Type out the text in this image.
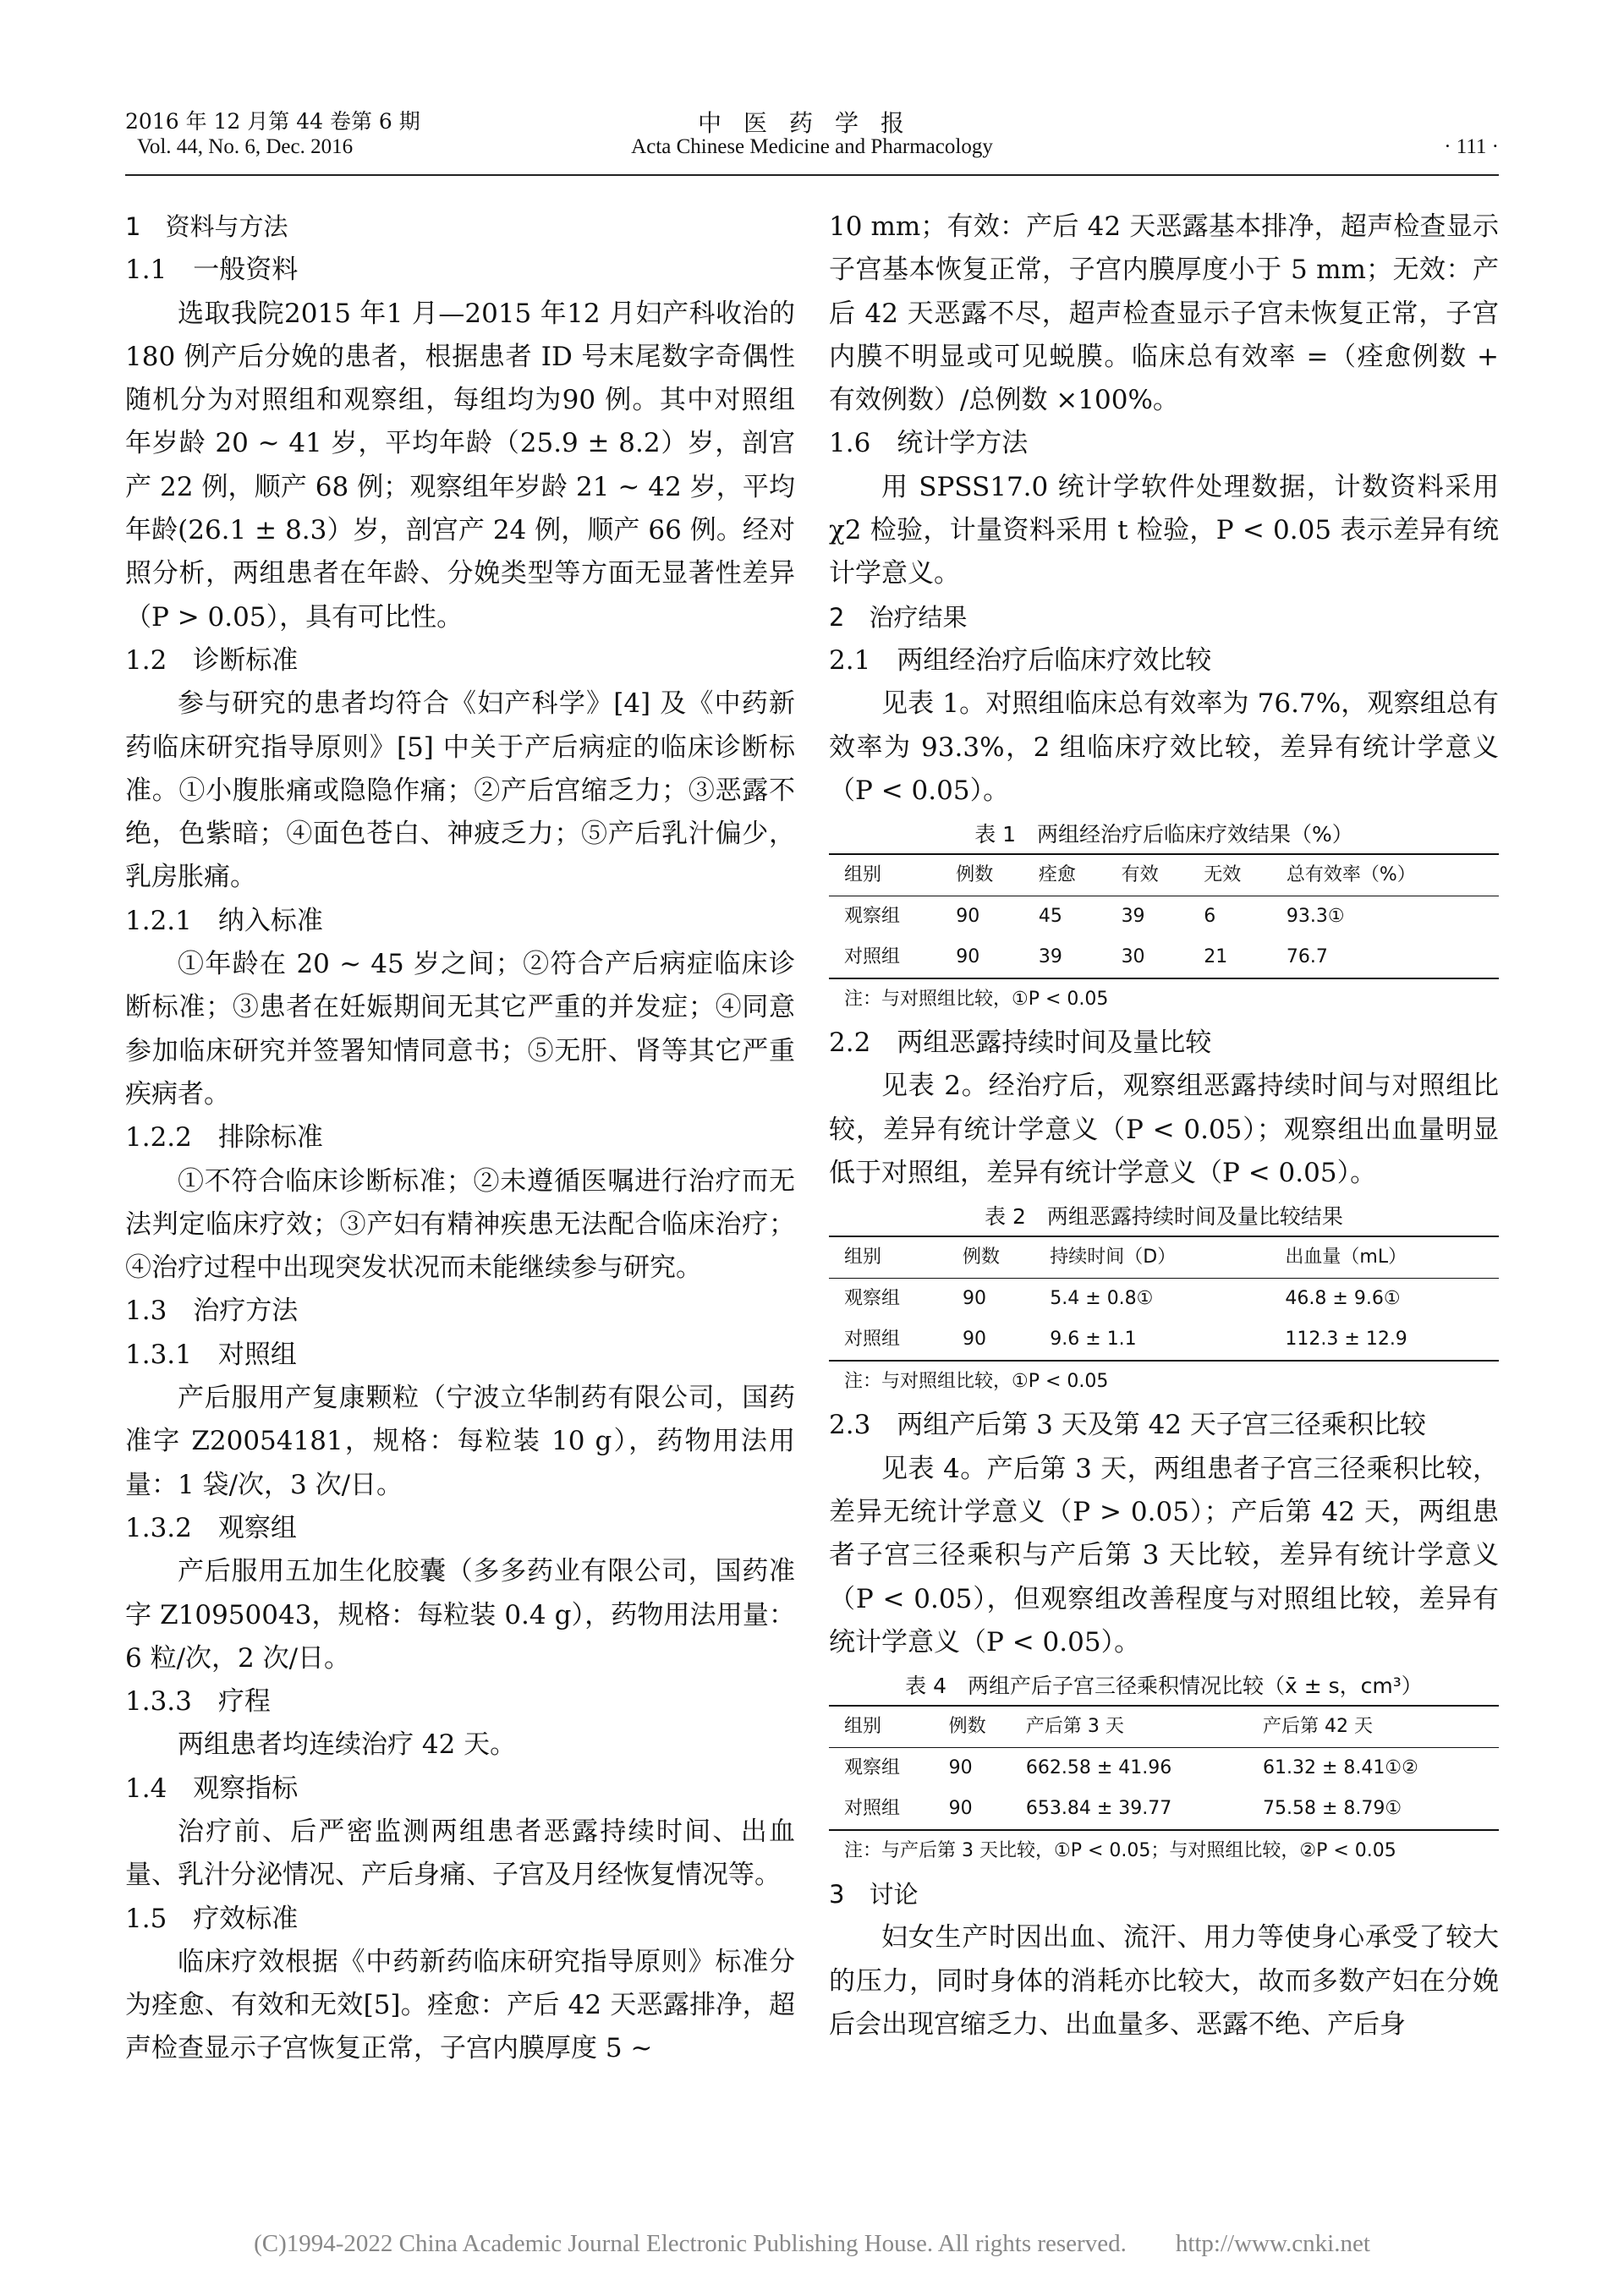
2016 年 12 月第 44 卷第 6 期
Vol. 44, No. 6, Dec. 2016
中医药学报
Acta Chinese Medicine and Pharmacology	· 111 ·
1　资料与方法
1.1　一般资料

选取我院2015 年1 月—2015 年12 月妇产科收治的 180 例产后分娩的患者，根据患者 ID 号末尾数字奇偶性随机分为对照组和观察组，每组均为90 例。其中对照组年岁龄 20 ~ 41 岁，平均年龄（25.9 ± 8.2）岁，剖宫产 22 例，顺产 68 例；观察组年岁龄 21 ~ 42 岁，平均年龄(26.1 ± 8.3）岁，剖宫产 24 例，顺产 66 例。经对照分析，两组患者在年龄、分娩类型等方面无显著性差异（P > 0.05），具有可比性。

1.2　诊断标准

参与研究的患者均符合《妇产科学》[4] 及《中药新药临床研究指导原则》[5] 中关于产后病症的临床诊断标准。①小腹胀痛或隐隐作痛；②产后宫缩乏力；③恶露不绝，色紫暗；④面色苍白、神疲乏力；⑤产后乳汁偏少，乳房胀痛。

1.2.1　纳入标准

①年龄在 20 ~ 45 岁之间；②符合产后病症临床诊断标准；③患者在妊娠期间无其它严重的并发症；④同意参加临床研究并签署知情同意书；⑤无肝、肾等其它严重疾病者。

1.2.2　排除标准

①不符合临床诊断标准；②未遵循医嘱进行治疗而无法判定临床疗效；③产妇有精神疾患无法配合临床治疗；④治疗过程中出现突发状况而未能继续参与研究。

1.3　治疗方法
1.3.1　对照组

产后服用产复康颗粒（宁波立华制药有限公司，国药准字 Z20054181，规格：每粒装 10 g），药物用法用量：1 袋/次，3 次/日。

1.3.2　观察组

产后服用五加生化胶囊（多多药业有限公司，国药准字 Z10950043，规格：每粒装 0.4 g），药物用法用量：6 粒/次，2 次/日。

1.3.3　疗程

两组患者均连续治疗 42 天。

1.4　观察指标

治疗前、后严密监测两组患者恶露持续时间、出血量、乳汁分泌情况、产后身痛、子宫及月经恢复情况等。

1.5　疗效标准

临床疗效根据《中药新药临床研究指导原则》标准分为痊愈、有效和无效[5]。痊愈：产后 42 天恶露排净，超声检查显示子宫恢复正常，子宫内膜厚度 5 ~

10 mm；有效：产后 42 天恶露基本排净，超声检查显示子宫基本恢复正常，子宫内膜厚度小于 5 mm；无效：产后 42 天恶露不尽，超声检查显示子宫未恢复正常，子宫内膜不明显或可见蜕膜。临床总有效率 =（痊愈例数 + 有效例数）/总例数 ×100%。

1.6　统计学方法

用 SPSS17.0 统计学软件处理数据，计数资料采用 χ2 检验，计量资料采用 t 检验，P < 0.05 表示差异有统计学意义。

2　治疗结果
2.1　两组经治疗后临床疗效比较

见表 1。对照组临床总有效率为 76.7%，观察组总有效率为 93.3%，2 组临床疗效比较，差异有统计学意义（P < 0.05）。

表 1　两组经治疗后临床疗效结果（%）
组别	例数	痊愈	有效	无效	总有效率（%）
观察组	90	45	39	6	93.3①
对照组	90	39	30	21	76.7
注：与对照组比较，①P < 0.05
2.2　两组恶露持续时间及量比较

见表 2。经治疗后，观察组恶露持续时间与对照组比较，差异有统计学意义（P < 0.05）；观察组出血量明显低于对照组，差异有统计学意义（P < 0.05）。

表 2　两组恶露持续时间及量比较结果
组别	例数	持续时间（D）	出血量（mL）
观察组	90	5.4 ± 0.8①	46.8 ± 9.6①
对照组	90	9.6 ± 1.1	112.3 ± 12.9
注：与对照组比较，①P < 0.05
2.3　两组产后第 3 天及第 42 天子宫三径乘积比较

见表 4。产后第 3 天，两组患者子宫三径乘积比较，差异无统计学意义（P > 0.05）；产后第 42 天，两组患者子宫三径乘积与产后第 3 天比较，差异有统计学意义（P < 0.05），但观察组改善程度与对照组比较，差异有统计学意义（P < 0.05）。

表 4　两组产后子宫三径乘积情况比较（x̄ ± s，cm³）
组别	例数	产后第 3 天	产后第 42 天
观察组	90	662.58 ± 41.96	61.32 ± 8.41①②
对照组	90	653.84 ± 39.77	75.58 ± 8.79①
注：与产后第 3 天比较，①P < 0.05；与对照组比较，②P < 0.05
3　讨论

妇女生产时因出血、流汗、用力等使身心承受了较大的压力，同时身体的消耗亦比较大，故而多数产妇在分娩后会出现宫缩乏力、出血量多、恶露不绝、产后身

(C)1994-2022 China Academic Journal Electronic Publishing House. All rights reserved.　　http://www.cnki.net
